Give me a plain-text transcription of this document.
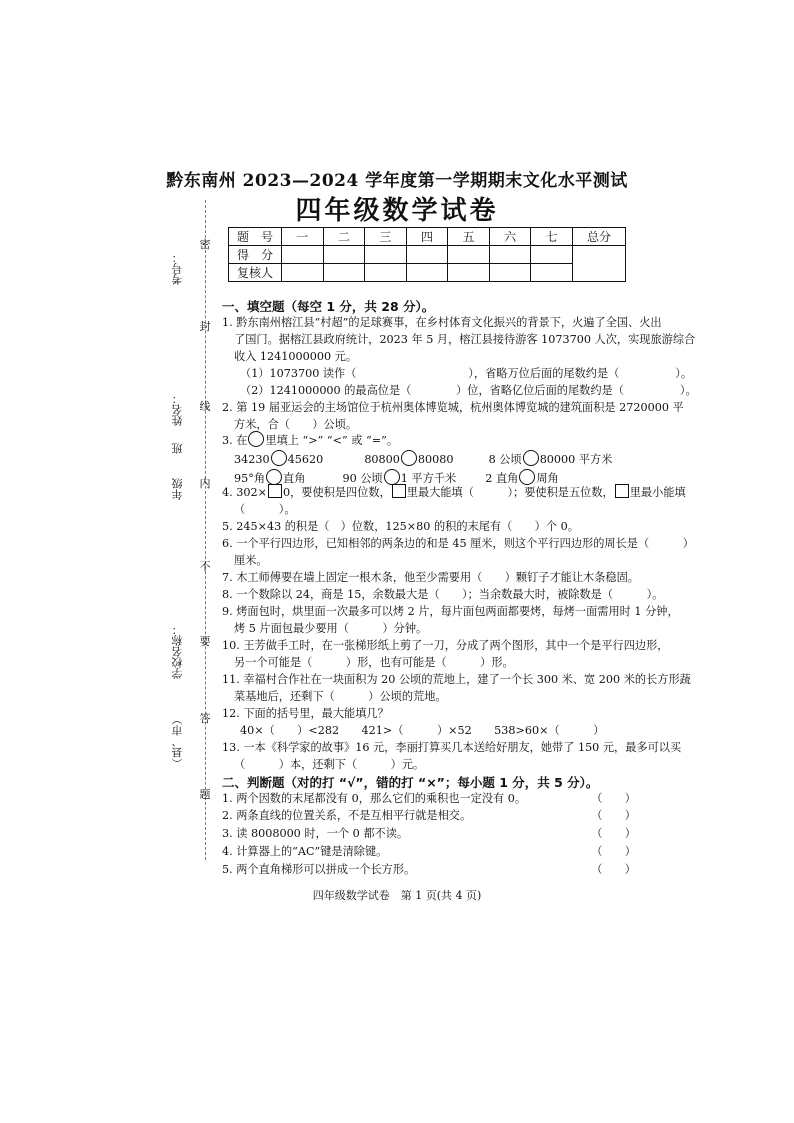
密
封
线
内
不
要
答
题
考号：
姓名：
年级
班
学校名称：
（县、市）
黔东南州 2023—2024 学年度第一学期期末文化水平测试
四年级数学试卷
题　号	一	二	三	四	五	六	七	总分
得　分								
复核人								
一、填空题（每空 1 分，共 28 分）。
1. 黔东南州榕江县“村超”的足球赛事，在乡村体育文化振兴的背景下，火遍了全国、火出
了国门。据榕江县政府统计，2023 年 5 月，榕江县接待游客 1073700 人次，实现旅游综合
收入 1241000000 元。
（1）1073700 读作（　　　　　　　　　　），省略万位后面的尾数约是（　　　　　）。
（2）1241000000 的最高位是（　　　　）位，省略亿位后面的尾数约是（　　　　　）。
2. 第 19 届亚运会的主场馆位于杭州奥体博览城，杭州奥体博览城的建筑面积是 2720000 平
方米，合（　　）公顷。
3. 在 里填上 “>” “<” 或 “=”。
34230 45620	80800 80080	8 公顷 80000 平方米
95°角 直角	90 公顷 1 平方千米	2 直角 周角
4. 302× 0，要使积是四位数， 里最大能填（　　　）；要使积是五位数， 里最小能填
（　　　）。
5. 245×43 的积是（　）位数，125×80 的积的末尾有（　　）个 0。
6. 一个平行四边形，已知相邻的两条边的和是 45 厘米，则这个平行四边形的周长是（　　　）
厘米。
7. 木工师傅要在墙上固定一根木条，他至少需要用（　　）颗钉子才能让木条稳固。
8. 一个数除以 24，商是 15，余数最大是（　　）；当余数最大时，被除数是（　　　）。
9. 烤面包时，烘里面一次最多可以烤 2 片，每片面包两面都要烤，每烤一面需用时 1 分钟，
烤 5 片面包最少要用（　　　）分钟。
10. 王芳做手工时，在一张梯形纸上剪了一刀，分成了两个图形，其中一个是平行四边形，
另一个可能是（　　　）形，也有可能是（　　　）形。
11. 幸福村合作社在一块面积为 20 公顷的荒地上，建了一个长 300 米、宽 200 米的长方形蔬
菜基地后，还剩下（　　　）公顷的荒地。
12. 下面的括号里，最大能填几？
40×（　　）<282　　421>（　　　）×52　　538>60×（　　　）
13. 一本《科学家的故事》16 元，李丽打算买几本送给好朋友，她带了 150 元，最多可以买
（　　　）本，还剩下（　　　）元。
二、判断题（对的打 “√”，错的打 “×”；每小题 1 分，共 5 分）。
1. 两个因数的末尾都没有 0，那么它们的乘积也一定没有 0。	（　　）
2. 两条直线的位置关系，不是互相平行就是相交。	（　　）
3. 读 8008000 时，一个 0 都不读。	（　　）
4. 计算器上的“AC”键是清除键。	（　　）
5. 两个直角梯形可以拼成一个长方形。	（　　）
四年级数学试卷　第 1 页(共 4 页)
